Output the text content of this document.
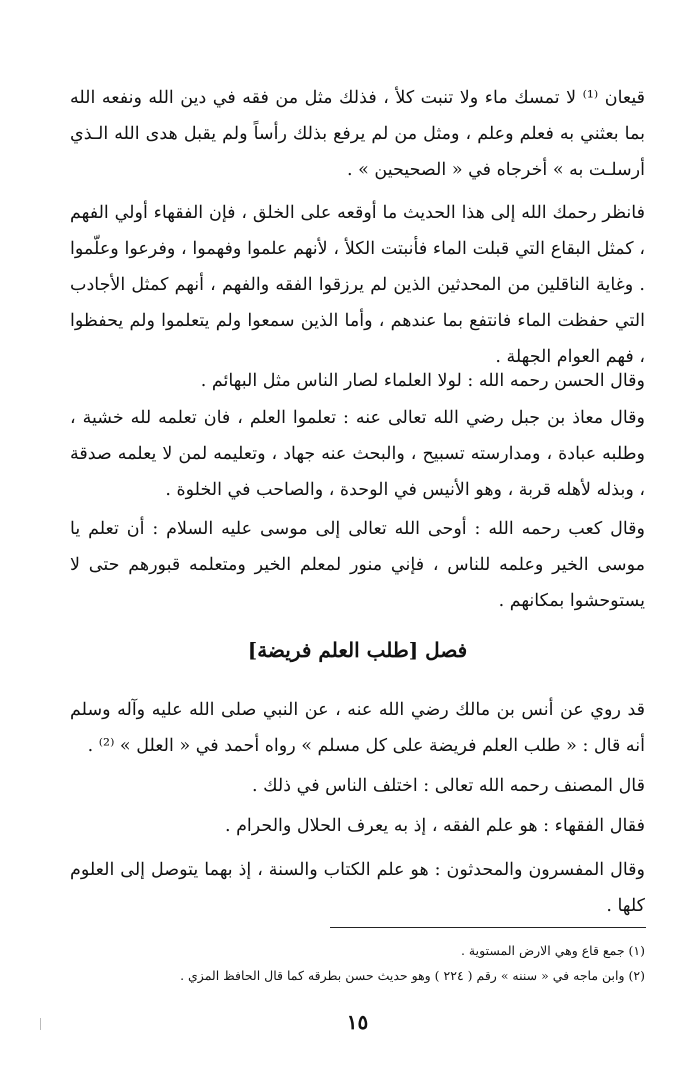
قيعان ⁽¹⁾ لا تمسك ماء ولا تنبت كلأ ، فذلك مثل من فقه في دين الله ونفعه الله بما بعثني به فعلم وعلم ، ومثل من لم يرفع بذلك رأساً ولم يقبل هدى الله الـذي أرسلـت به » أخرجاه في « الصحيحين » .

فانظر رحمك الله إلى هذا الحديث ما أوقعه على الخلق ، فإن الفقهاء أولي الفهم ، كمثل البقاع التي قبلت الماء فأنبتت الكلأ ، لأنهم علموا وفهموا ، وفرعوا وعلّموا . وغاية الناقلين من المحدثين الذين لم يرزقوا الفقه والفهم ، أنهم كمثل الأجادب التي حفظت الماء فانتفع بما عندهم ، وأما الذين سمعوا ولم يتعلموا ولم يحفظوا ، فهم العوام الجهلة .

وقال الحسن رحمه الله : لولا العلماء لصار الناس مثل البهائم .

وقال معاذ بن جبل رضي الله تعالى عنه : تعلموا العلم ، فان تعلمه لله خشية ، وطلبه عبادة ، ومدارسته تسبيح ، والبحث عنه جهاد ، وتعليمه لمن لا يعلمه صدقة ، وبذله لأهله قربة ، وهو الأنيس في الوحدة ، والصاحب في الخلوة .

وقال كعب رحمه الله : أوحى الله تعالى إلى موسى عليه السلام : أن تعلم يا موسى الخير وعلمه للناس ، فإني منور لمعلم الخير ومتعلمه قبورهم حتى لا يستوحشوا بمكانهم .

فصل [طلب العلم فريضة]

قد روي عن أنس بن مالك رضي الله عنه ، عن النبي صلى الله عليه وآله وسلم أنه قال : « طلب العلم فريضة على كل مسلم » رواه أحمد في « العلل » ⁽²⁾ .

قال المصنف رحمه الله تعالى : اختلف الناس في ذلك .

فقال الفقهاء : هو علم الفقه ، إذ به يعرف الحلال والحرام .

وقال المفسرون والمحدثون : هو علم الكتاب والسنة ، إذ بهما يتوصل إلى العلوم كلها .

(١) جمع قاع وهي الارض المستوية .
(٢) وابن ماجه في « سننه » رقم ( ٢٢٤ ) وهو حديث حسن بطرقه كما قال الحافظ المزي .
١٥
